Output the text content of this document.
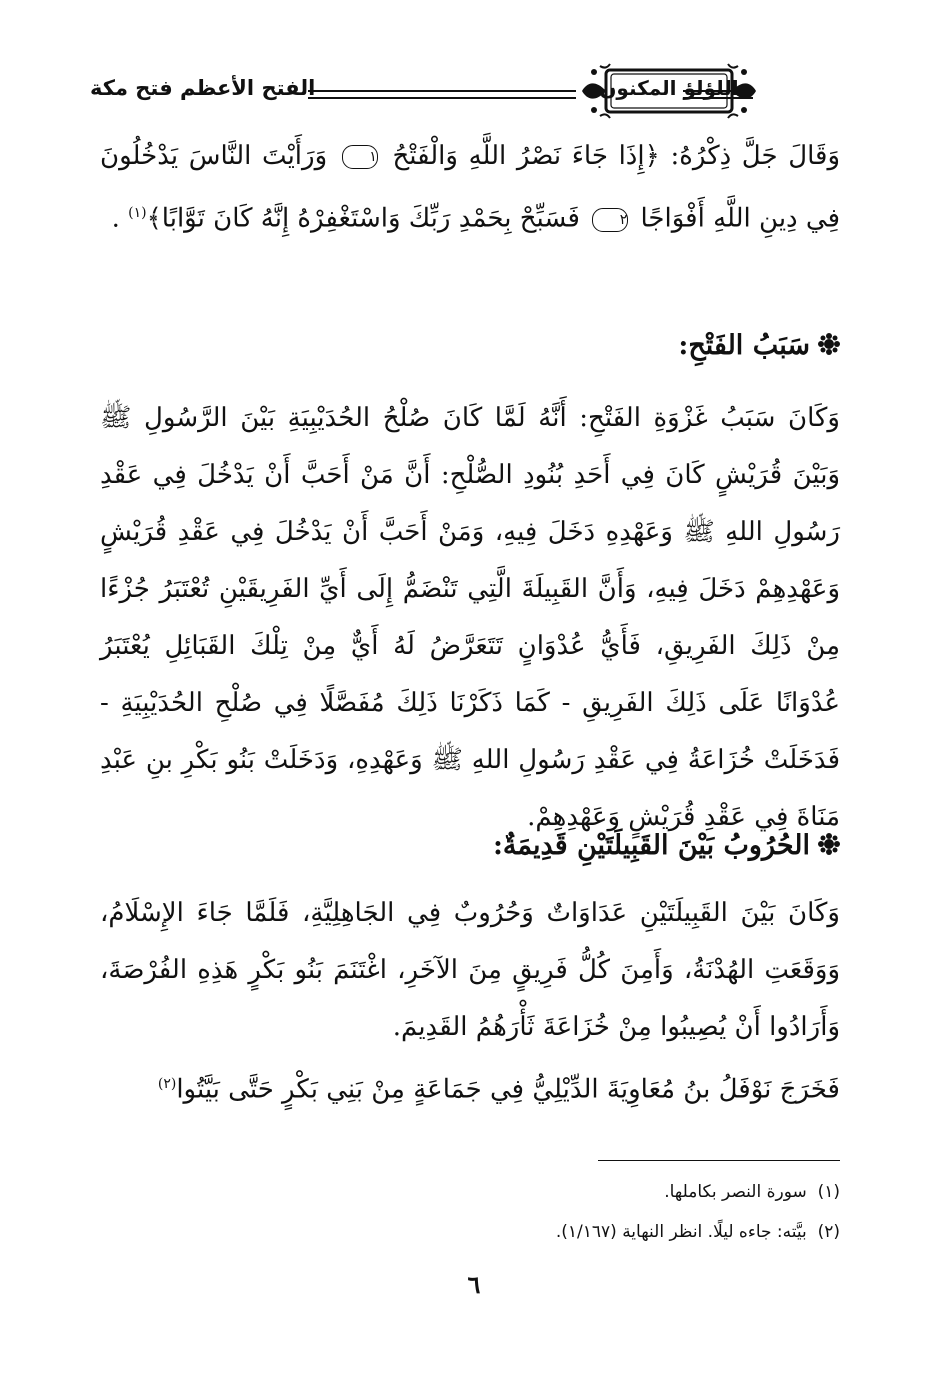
الفتح الأعظم فتح مكة	اللؤلؤ المكنون

وَقَالَ جَلَّ ذِكْرُهُ: ﴿إِذَا جَاءَ نَصْرُ اللَّهِ وَالْفَتْحُ ١ وَرَأَيْتَ النَّاسَ يَدْخُلُونَ فِي دِينِ اللَّهِ أَفْوَاجًا ٢ فَسَبِّحْ بِحَمْدِ رَبِّكَ وَاسْتَغْفِرْهُ إِنَّهُ كَانَ تَوَّابًا﴾$^{(١)}$ .

سَبَبُ الفَتْحِ:

وَكَانَ سَبَبُ غَزْوَةِ الفَتْحِ: أَنَّهُ لَمَّا كَانَ صُلْحُ الحُدَيْبِيَةِ بَيْنَ الرَّسُولِ ﷺ وَبَيْنَ قُرَيْشٍ كَانَ فِي أَحَدِ بُنُودِ الصُّلْحِ: أَنَّ مَنْ أَحَبَّ أَنْ يَدْخُلَ فِي عَقْدِ رَسُولِ اللهِ ﷺ وَعَهْدِهِ دَخَلَ فِيهِ، وَمَنْ أَحَبَّ أَنْ يَدْخُلَ فِي عَقْدِ قُرَيْشٍ وَعَهْدِهِمْ دَخَلَ فِيهِ، وَأَنَّ القَبِيلَةَ الَّتِي تَنْضَمُّ إِلَى أَيِّ الفَرِيقَيْنِ تُعْتَبَرُ جُزْءًا مِنْ ذَلِكَ الفَرِيقِ، فَأَيُّ عُدْوَانٍ تَتَعَرَّضُ لَهُ أَيٌّ مِنْ تِلْكَ القَبَائِلِ يُعْتَبَرُ عُدْوَانًا عَلَى ذَلِكَ الفَرِيقِ - كَمَا ذَكَرْنَا ذَلِكَ مُفَصَّلًا فِي صُلْحِ الحُدَيْبِيَةِ - فَدَخَلَتْ خُزَاعَةُ فِي عَقْدِ رَسُولِ اللهِ ﷺ وَعَهْدِهِ، وَدَخَلَتْ بَنُو بَكْرِ بنِ عَبْدِ مَنَاةَ فِي عَقْدِ قُرَيْشٍ وَعَهْدِهِمْ.

الحُرُوبُ بَيْنَ القَبِيلَتَيْنِ قَدِيمَةٌ:

وَكَانَ بَيْنَ القَبِيلَتَيْنِ عَدَاوَاتٌ وَحُرُوبٌ فِي الجَاهِلِيَّةِ، فَلَمَّا جَاءَ الإِسْلَامُ، وَوَقَعَتِ الهُدْنَةُ، وَأَمِنَ كُلُّ فَرِيقٍ مِنَ الآخَرِ، اغْتَنَمَ بَنُو بَكْرٍ هَذِهِ الفُرْصَةَ، وَأَرَادُوا أَنْ يُصِيبُوا مِنْ خُزَاعَةَ ثَأْرَهُمُ القَدِيمَ.

فَخَرَجَ نَوْفَلُ بنُ مُعَاوِيَةَ الدِّيْلِيُّ فِي جَمَاعَةٍ مِنْ بَنِي بَكْرٍ حَتَّى بَيَّتُوا$^{(٢)}$

(١)  سورة النصر بكاملها.
(٢)  بيَّته: جاءه ليلًا. انظر النهاية (١/١٦٧).
٦
